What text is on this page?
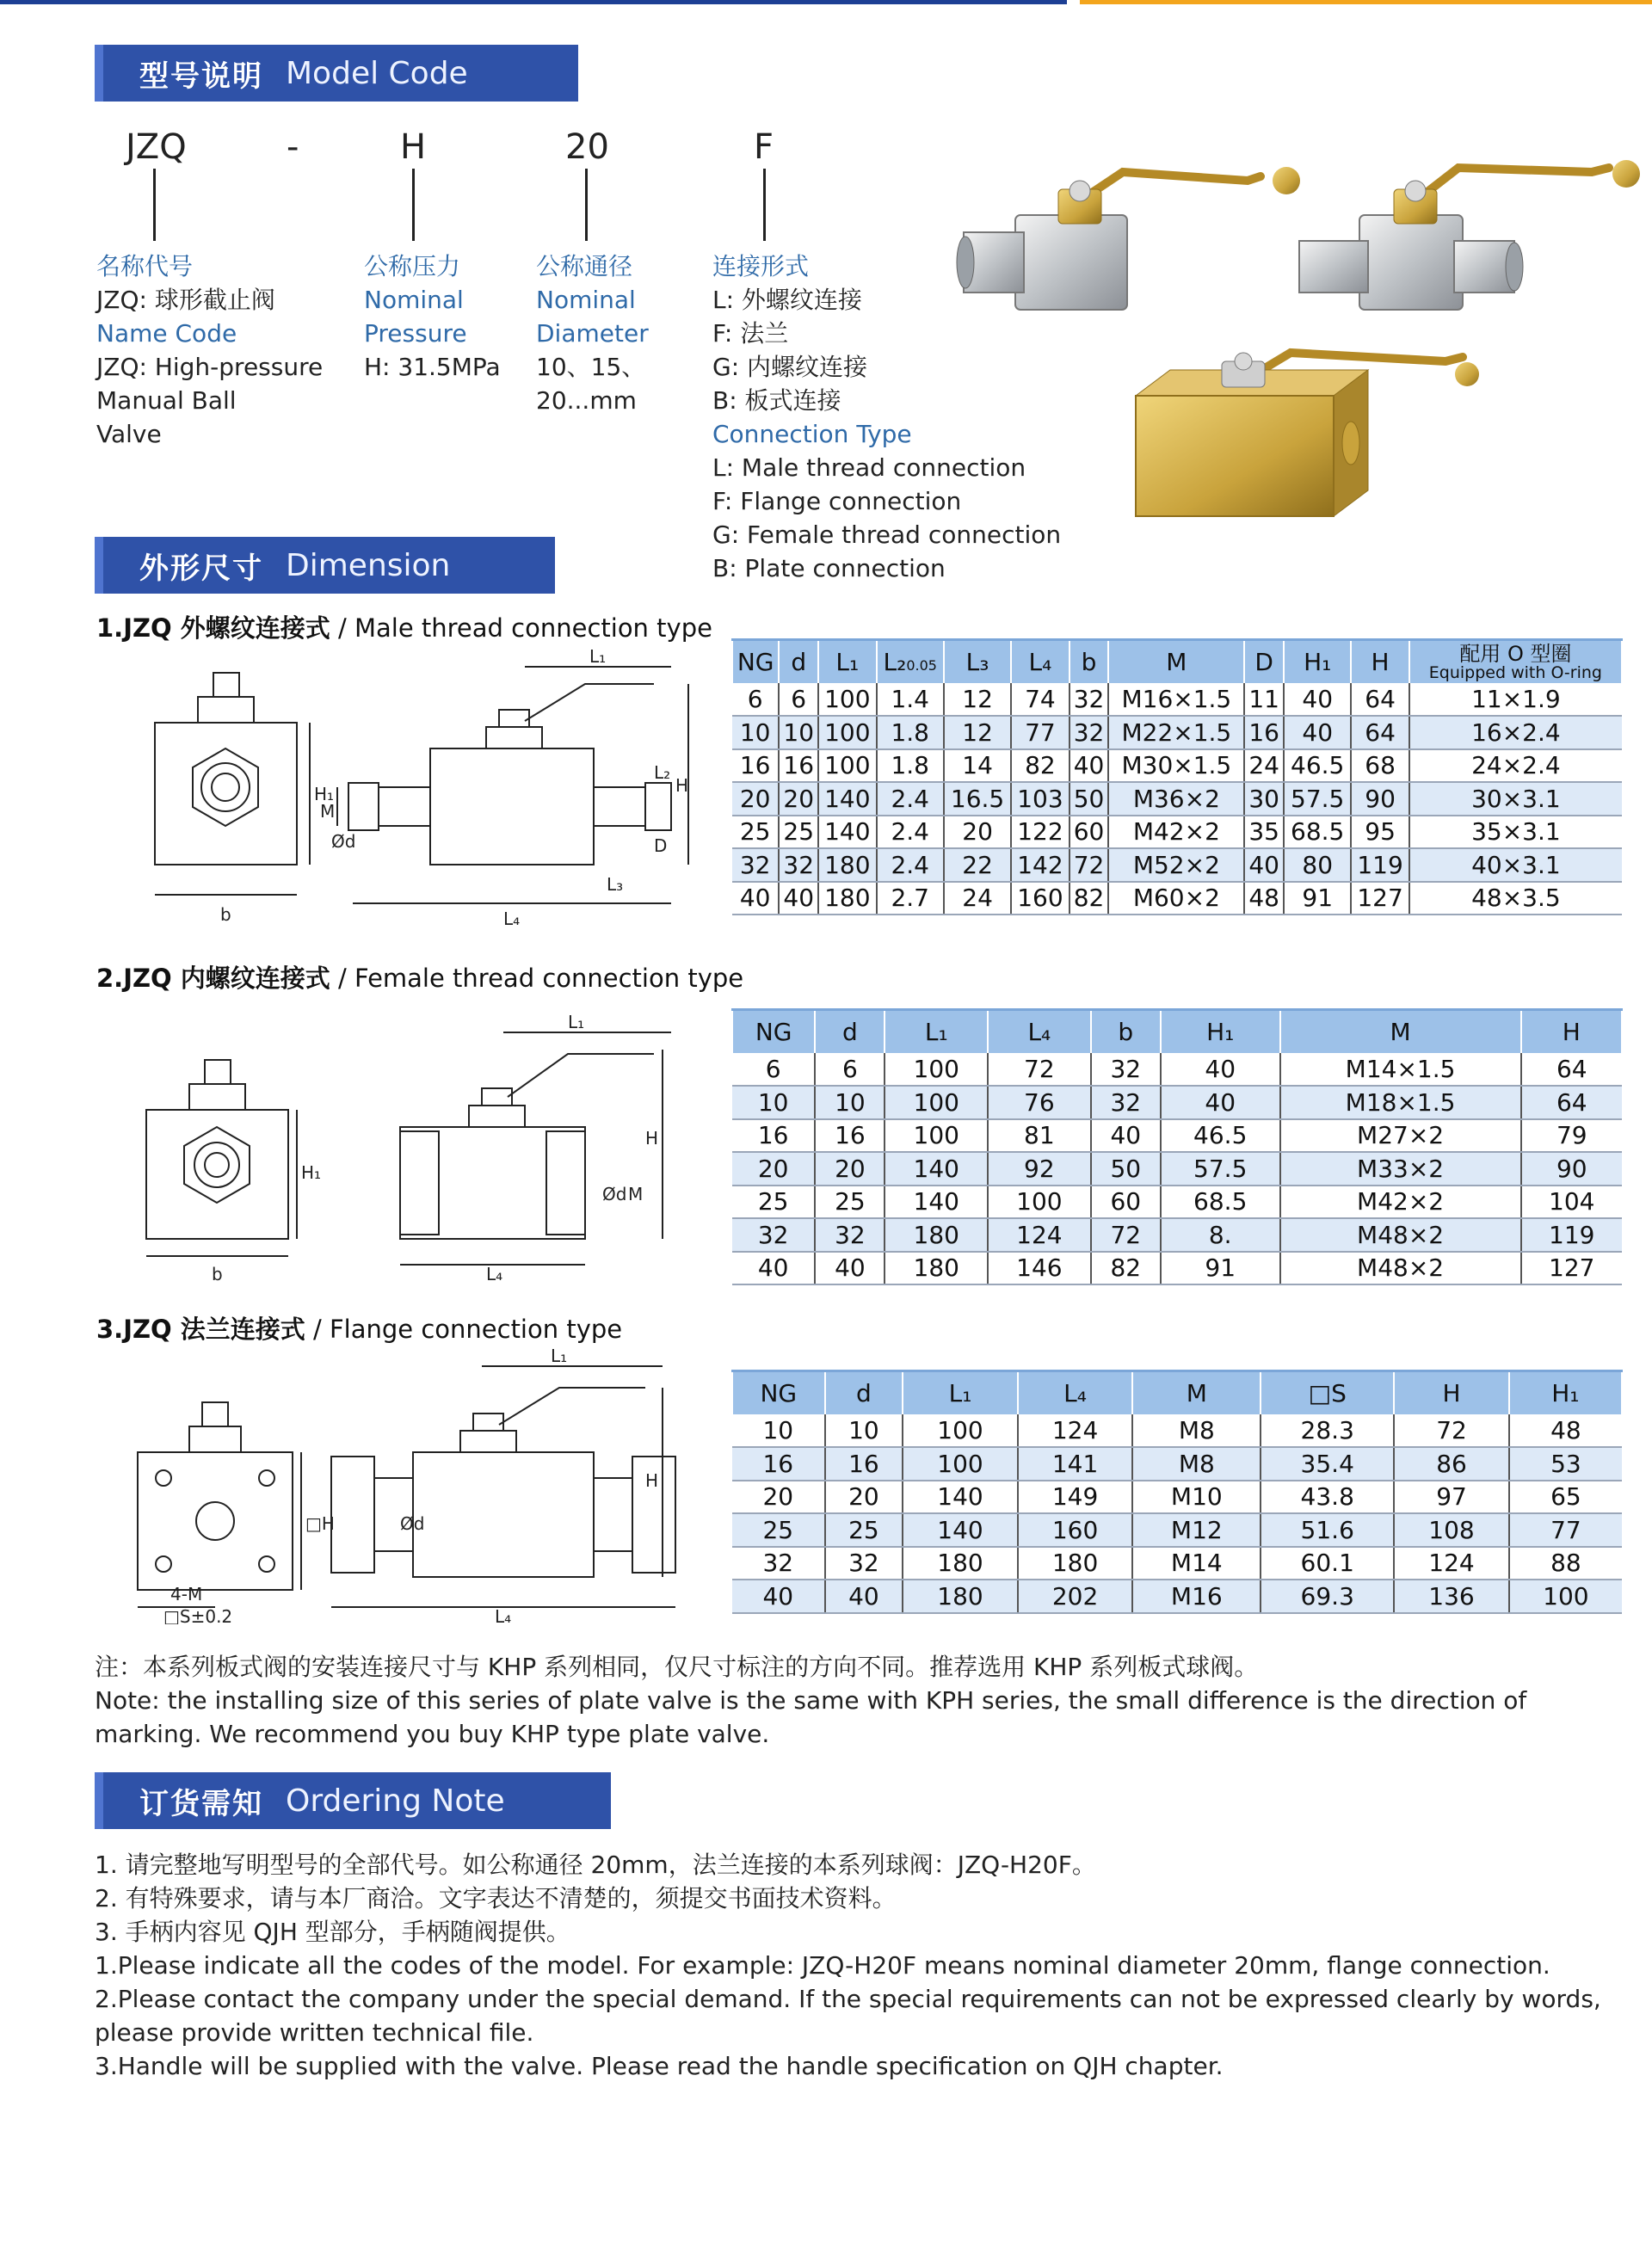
型号说明 Model Code
JZQ	-	H	20	F
名称代号
JZQ: 球形截止阀
Name Code
JZQ: High-pressure
Manual Ball
Valve
公称压力
Nominal
Pressure
H: 31.5MPa
公称通径
Nominal
Diameter
10、15、
20...mm
连接形式
L: 外螺纹连接
F: 法兰
G: 内螺纹连接
B: 板式连接
Connection Type
L: Male thread connection
F: Flange connection
G: Female thread connection
B: Plate connection
外形尺寸 Dimension
1.JZQ 外螺纹连接式 / Male thread connection type
b
H₁
L₄
L₁
L₂
D
L₃
H
M
Ød
NG	d	L₁	L₂0.05	L₃	L₄	b	M	D	H₁	H	配用 O 型圈
Equipped with O-ring

6	6	100	1.4	12	74	32	M16×1.5	11	40	64	11×1.9
10	10	100	1.8	12	77	32	M22×1.5	16	40	64	16×2.4
16	16	100	1.8	14	82	40	M30×1.5	24	46.5	68	24×2.4
20	20	140	2.4	16.5	103	50	M36×2	30	57.5	90	30×3.1
25	25	140	2.4	20	122	60	M42×2	35	68.5	95	35×3.1
32	32	180	2.4	22	142	72	M52×2	40	80	119	40×3.1
40	40	180	2.7	24	160	82	M60×2	48	91	127	48×3.5
2.JZQ 内螺纹连接式 / Female thread connection type
b
H₁
L₄
L₁
H
Ød M
NG	d	L₁	L₄	b	H₁	M	H
6	6	100	72	32	40	M14×1.5	64
10	10	100	76	32	40	M18×1.5	64
16	16	100	81	40	46.5	M27×2	79
20	20	140	92	50	57.5	M33×2	90
25	25	140	100	60	68.5	M42×2	104
32	32	180	124	72	8.	M48×2	119
40	40	180	146	82	91	M48×2	127
3.JZQ 法兰连接式 / Flange connection type
4-M
□S±0.2
□H
L₄
L₁
H
Ød
NG	d	L₁	L₄	M	□S	H	H₁
10	10	100	124	M8	28.3	72	48
16	16	100	141	M8	35.4	86	53
20	20	140	149	M10	43.8	97	65
25	25	140	160	M12	51.6	108	77
32	32	180	180	M14	60.1	124	88
40	40	180	202	M16	69.3	136	100
注：本系列板式阀的安装连接尺寸与 KHP 系列相同，仅尺寸标注的方向不同。推荐选用 KHP 系列板式球阀。
Note: the installing size of this series of plate valve is the same with KPH series, the small difference is the direction of marking. We recommend you buy KHP type plate valve.
订货需知 Ordering Note
1. 请完整地写明型号的全部代号。如公称通径 20mm，法兰连接的本系列球阀：JZQ-H20F。
2. 有特殊要求，请与本厂商洽。文字表达不清楚的，须提交书面技术资料。
3. 手柄内容见 QJH 型部分，手柄随阀提供。
1.Please indicate all the codes of the model. For example: JZQ-H20F means nominal diameter 20mm, flange connection.
2.Please contact the company under the special demand. If the special requirements can not be expressed clearly by words, please provide written technical file.
3.Handle will be supplied with the valve. Please read the handle specification on QJH chapter.
